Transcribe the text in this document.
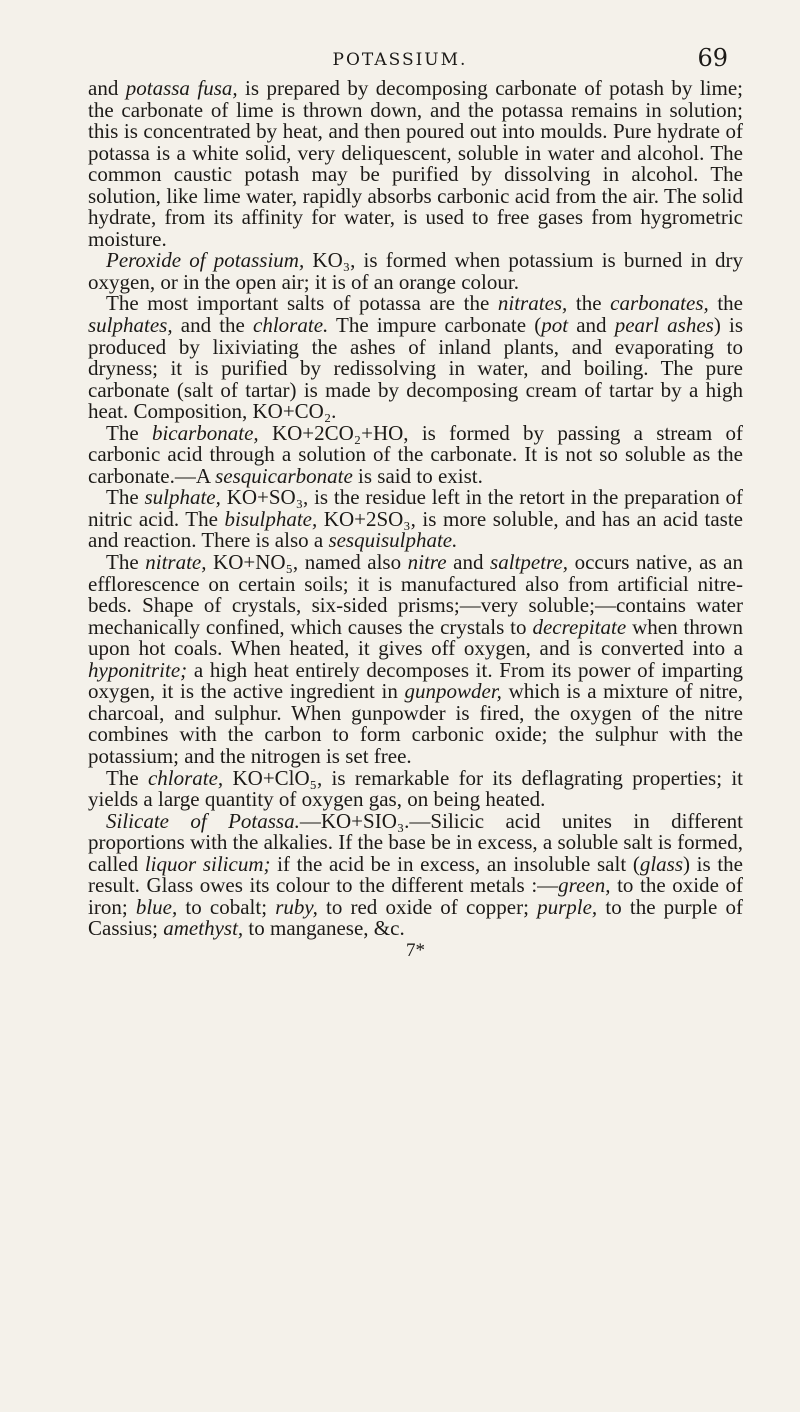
POTASSIUM.	69

and potassa fusa, is prepared by decomposing carbonate of potash by lime; the carbonate of lime is thrown down, and the potassa remains in solution; this is concentrated by heat, and then poured out into moulds. Pure hydrate of potassa is a white solid, very deliquescent, soluble in water and alcohol. The common caustic potash may be purified by dissolving in alcohol. The solution, like lime water, rapidly absorbs carbonic acid from the air. The solid hydrate, from its affinity for water, is used to free gases from hygrometric moisture.

Peroxide of potassium, KO₃, is formed when potassium is burned in dry oxygen, or in the open air; it is of an orange colour.

The most important salts of potassa are the nitrates, the carbonates, the sulphates, and the chlorate. The impure carbonate (pot and pearl ashes) is produced by lixiviating the ashes of inland plants, and evaporating to dryness; it is purified by redissolving in water, and boiling. The pure carbonate (salt of tartar) is made by decomposing cream of tartar by a high heat. Composition, KO+CO₂.

The bicarbonate, KO+2CO₂+HO, is formed by passing a stream of carbonic acid through a solution of the carbonate. It is not so soluble as the carbonate.—A sesquicarbonate is said to exist.

The sulphate, KO+SO₃, is the residue left in the retort in the preparation of nitric acid. The bisulphate, KO+2SO₃, is more soluble, and has an acid taste and reaction. There is also a sesquisulphate.

The nitrate, KO+NO₅, named also nitre and saltpetre, occurs native, as an efflorescence on certain soils; it is manufactured also from artificial nitre-beds. Shape of crystals, six-sided prisms;—very soluble;—contains water mechanically confined, which causes the crystals to decrepitate when thrown upon hot coals. When heated, it gives off oxygen, and is converted into a hyponitrite; a high heat entirely decomposes it. From its power of imparting oxygen, it is the active ingredient in gunpowder, which is a mixture of nitre, charcoal, and sulphur. When gunpowder is fired, the oxygen of the nitre combines with the carbon to form carbonic oxide; the sulphur with the potassium; and the nitrogen is set free.

The chlorate, KO+ClO₅, is remarkable for its deflagrating properties; it yields a large quantity of oxygen gas, on being heated.

Silicate of Potassa.—KO+SIO₃.—Silicic acid unites in different proportions with the alkalies. If the base be in excess, a soluble salt is formed, called liquor silicum; if the acid be in excess, an insoluble salt (glass) is the result. Glass owes its colour to the different metals :—green, to the oxide of iron; blue, to cobalt; ruby, to red oxide of copper; purple, to the purple of Cassius; amethyst, to manganese, &c.

7*
